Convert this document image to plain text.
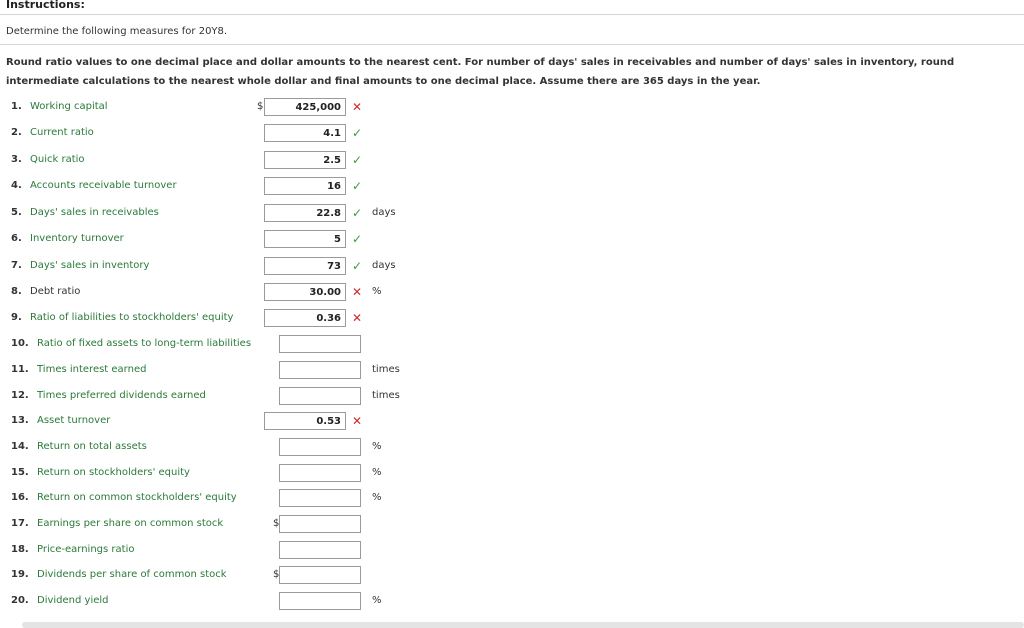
Instructions:
Determine the following measures for 20Y8.
Round ratio values to one decimal place and dollar amounts to the nearest cent. For number of days' sales in receivables and number of days' sales in inventory, round intermediate calculations to the nearest whole dollar and final amounts to one decimal place. Assume there are 365 days in the year.
1. Working capital	$	425,000 ✕
2. Current ratio	4.1 ✓
3. Quick ratio	2.5 ✓
4. Accounts receivable turnover	16 ✓
5. Days' sales in receivables	22.8 ✓ days
6. Inventory turnover	5 ✓
7. Days' sales in inventory	73 ✓ days
8. Debt ratio	30.00 ✕ %
9. Ratio of liabilities to stockholders' equity	0.36 ✕
10. Ratio of fixed assets to long-term liabilities
11. Times interest earned	times
12. Times preferred dividends earned	times
13. Asset turnover	0.53 ✕
14. Return on total assets	%
15. Return on stockholders' equity	%
16. Return on common stockholders' equity	%
17. Earnings per share on common stock	$
18. Price-earnings ratio
19. Dividends per share of common stock	$
20. Dividend yield	%
